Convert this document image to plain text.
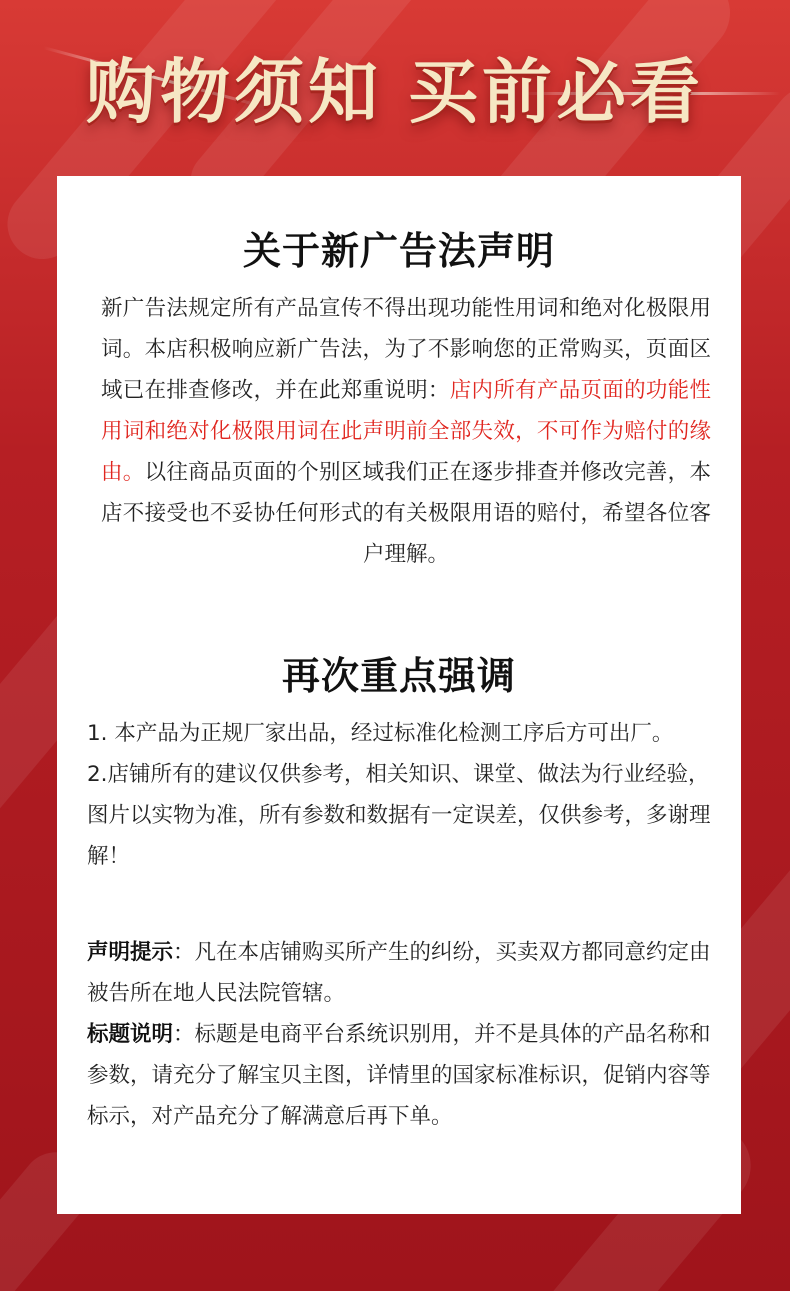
购物须知 买前必看
关于新广告法声明
新广告法规定所有产品宣传不得出现功能性用词和绝对化极限用词。本店积极响应新广告法，为了不影响您的正常购买，页面区域已在排查修改，并在此郑重说明：店内所有产品页面的功能性用词和绝对化极限用词在此声明前全部失效，不可作为赔付的缘由。以往商品页面的个别区域我们正在逐步排查并修改完善，本店不接受也不妥协任何形式的有关极限用语的赔付，希望各位客户理解。
再次重点强调
1. 本产品为正规厂家出品，经过标准化检测工序后方可出厂。
2.店铺所有的建议仅供参考，相关知识、课堂、做法为行业经验，图片以实物为准，所有参数和数据有一定误差，仅供参考，多谢理解！
声明提示：凡在本店铺购买所产生的纠纷，买卖双方都同意约定由被告所在地人民法院管辖。
标题说明：标题是电商平台系统识别用，并不是具体的产品名称和参数，请充分了解宝贝主图，详情里的国家标准标识，促销内容等标示，对产品充分了解满意后再下单。
